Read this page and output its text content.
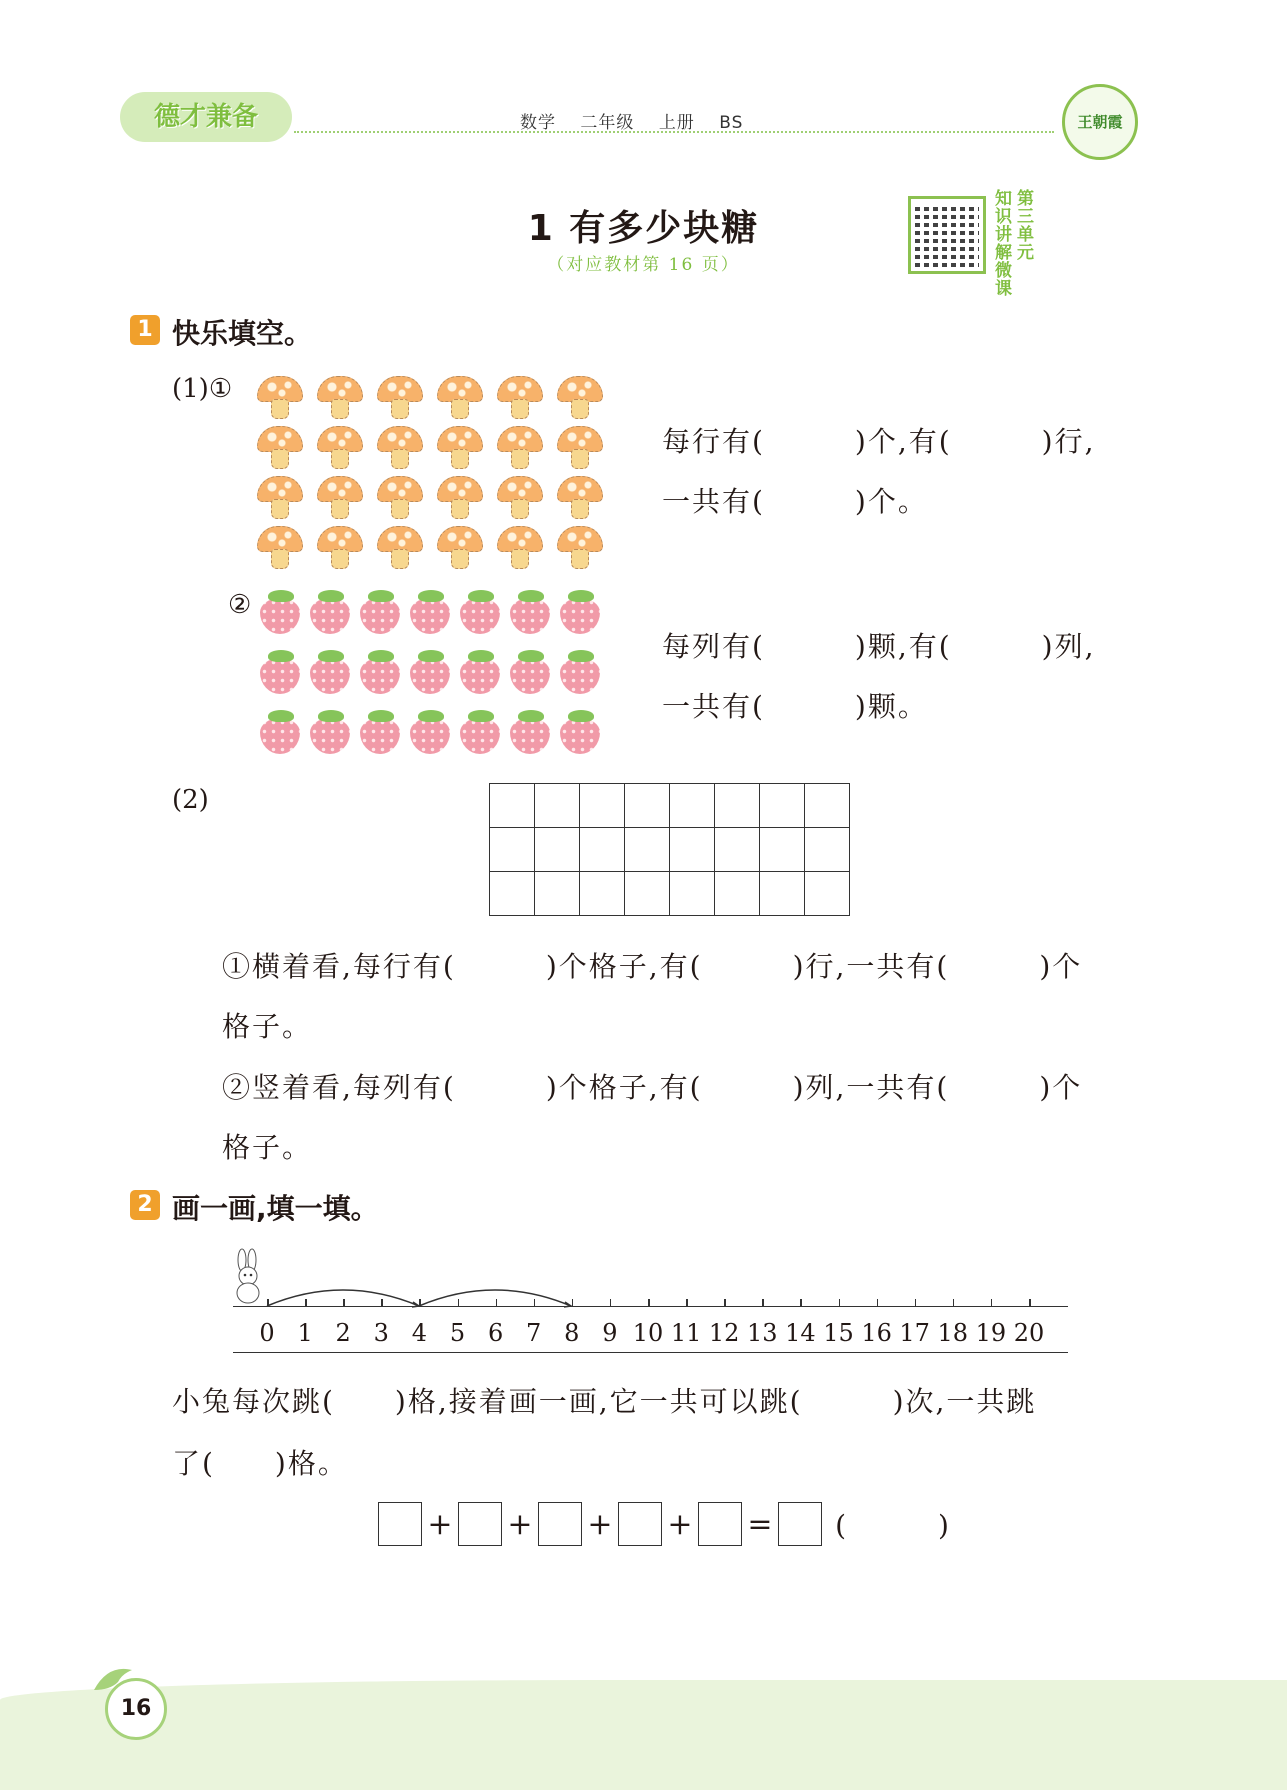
德才兼备	数学 二年级 上册 BS	王朝霞
1 有多少块糖
（对应教材第 16 页）
知识讲解微课
第三单元
1 快乐填空。
(1)①
每行有(　　　)个,有(　　　)行,
一共有(　　　)个。
②
每列有(　　　)颗,有(　　　)列,
一共有(　　　)颗。
(2)

①横着看,每行有(　　　)个格子,有(　　　)行,一共有(　　　)个
格子。
②竖着看,每列有(　　　)个格子,有(　　　)列,一共有(　　　)个
格子。
2 画一画,填一填。
0 1 2 3 4 5 6 7 8 9 10 11 12 13 14 15 16 17 18 19 20
小兔每次跳(　　)格,接着画一画,它一共可以跳(　　　)次,一共跳
了(　　)格。
+ + + + = (　　　)
16
